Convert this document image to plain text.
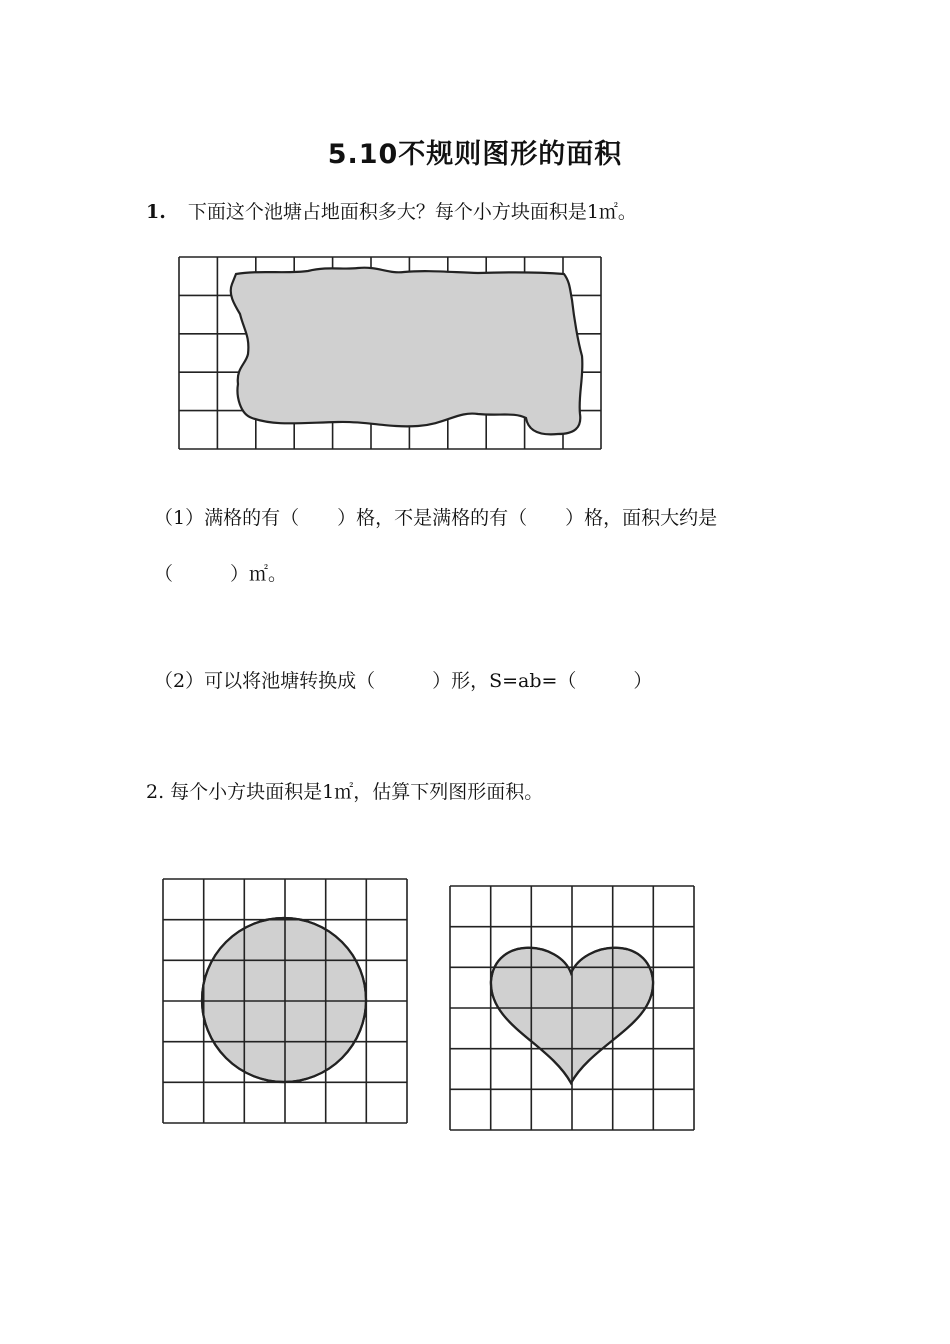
5.10不规则图形的面积
1. 下面这个池塘占地面积多大？每个小方块面积是1㎡。
（1）满格的有（　　）格，不是满格的有（　　）格，面积大约是
（　　　）㎡。
（2）可以将池塘转换成（　　　）形，S=ab=（　　　）
2. 每个小方块面积是1㎡，估算下列图形面积。
